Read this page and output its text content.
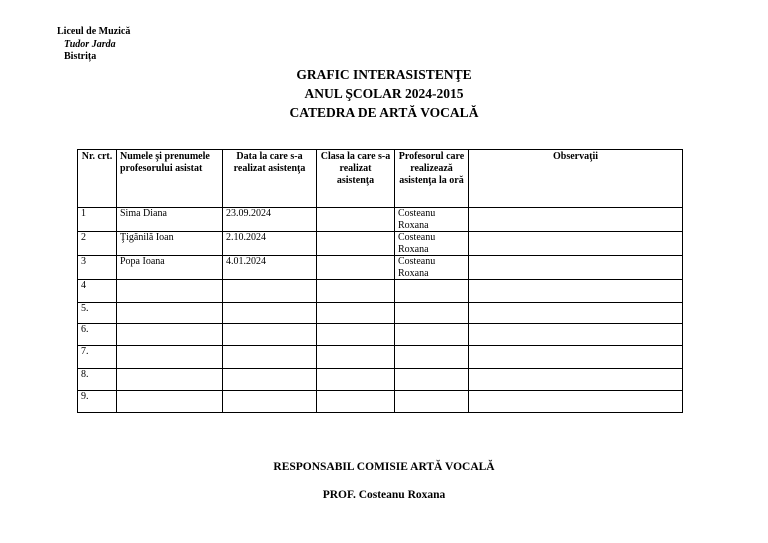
Liceul de Muzică
Tudor Jarda
Bistrița
GRAFIC INTERASISTENŢE
ANUL ŞCOLAR 2024-2015
CATEDRA DE ARTĂ VOCALĂ
Nr. crt.	Numele şi prenumele profesorului asistat	Data la care s-a realizat asistenţa	Clasa la care s-a realizat asistenţa	Profesorul care realizează asistenţa la oră	Observaţii
1	Sima Diana	23.09.2024		Costeanu Roxana	
2	Ţigănilă Ioan	2.10.2024		Costeanu Roxana	
3	Popa Ioana	4.01.2024		Costeanu Roxana	
4					
5.					
6.					
7.					
8.					
9.					
RESPONSABIL COMISIE ARTĂ VOCALĂ
PROF. Costeanu Roxana
